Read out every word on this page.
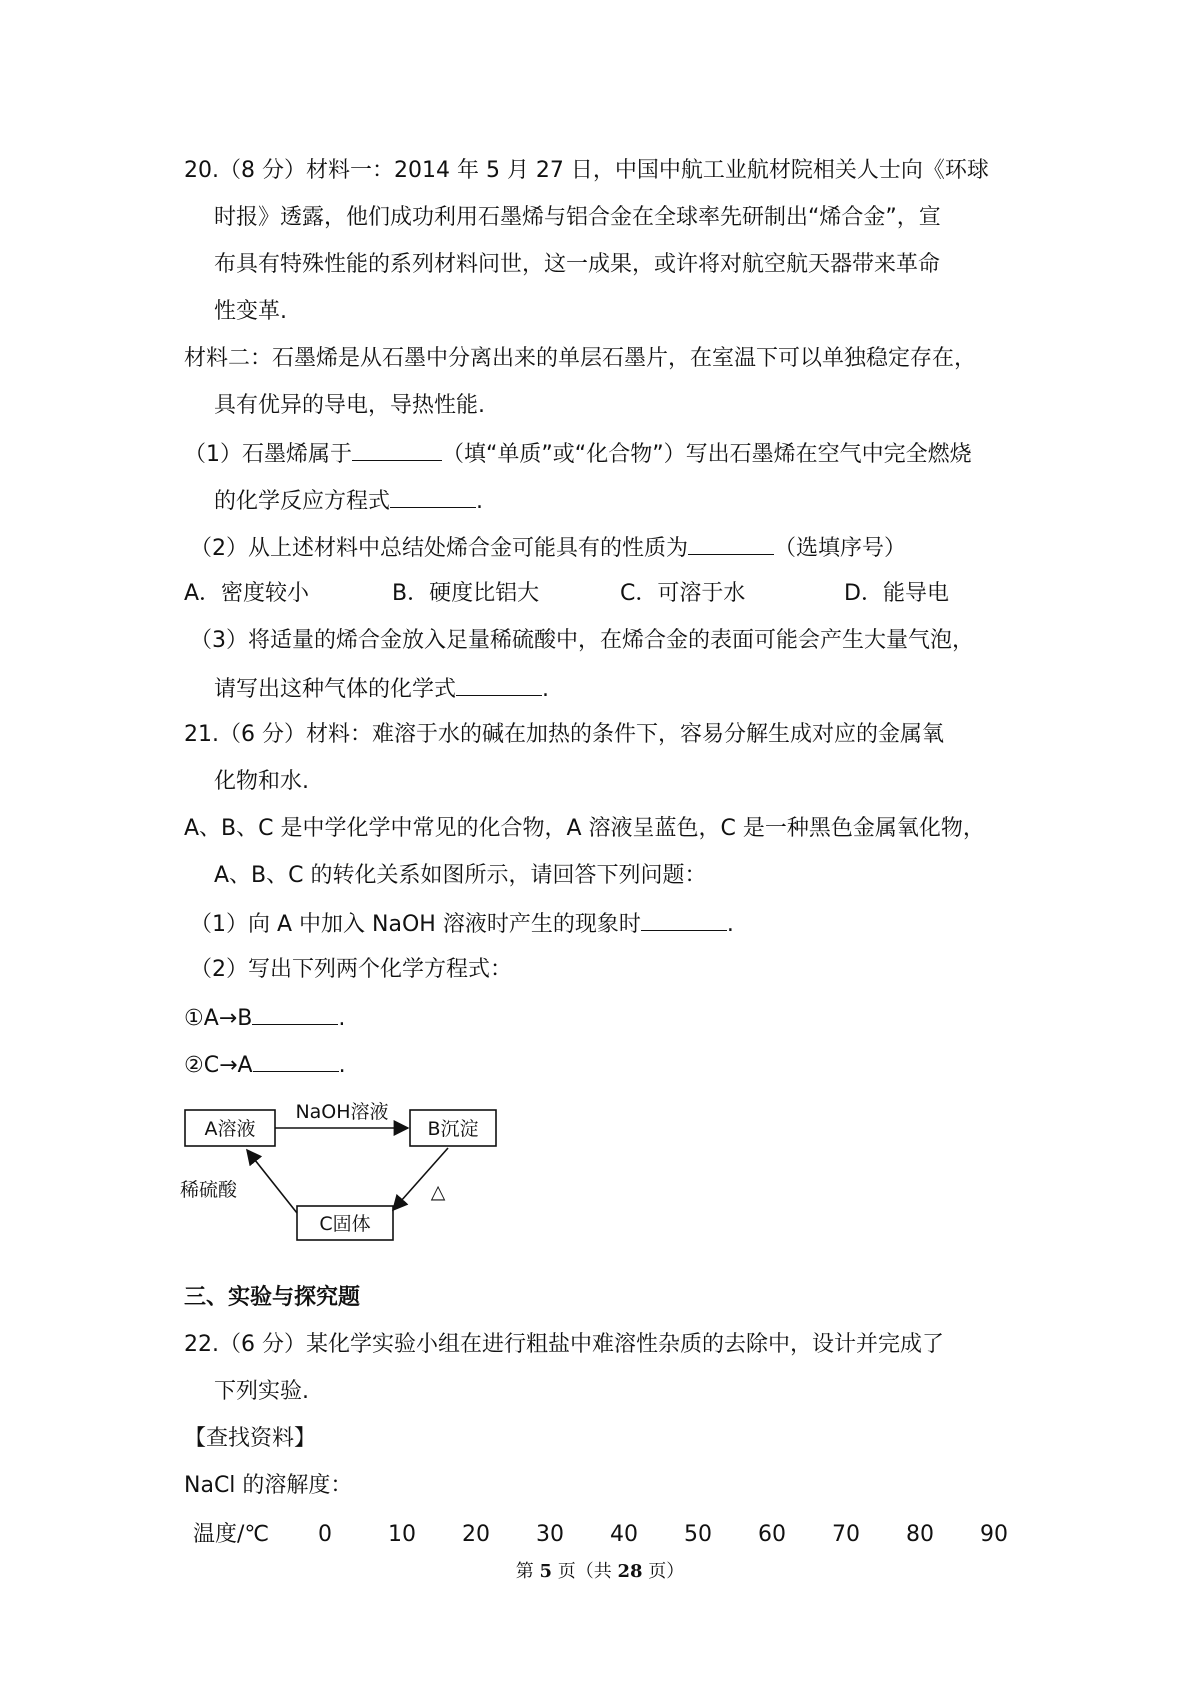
20.（8 分）材料一：2014 年 5 月 27 日，中国中航工业航材院相关人士向《环球
时报》透露，他们成功利用石墨烯与铝合金在全球率先研制出“烯合金”，宣
布具有特殊性能的系列材料问世，这一成果，或许将对航空航天器带来革命
性变革.
材料二：石墨烯是从石墨中分离出来的单层石墨片，在室温下可以单独稳定存在，
具有优异的导电，导热性能.
（1）石墨烯属于	（填“单质”或“化合物”）写出石墨烯在空气中完全燃烧
的化学反应方程式	.
（2）从上述材料中总结处烯合金可能具有的性质为	（选填序号）
A．密度较小	B．硬度比铝大	C．可溶于水	D．能导电
（3）将适量的烯合金放入足量稀硫酸中，在烯合金的表面可能会产生大量气泡，
请写出这种气体的化学式	.
21.（6 分）材料：难溶于水的碱在加热的条件下，容易分解生成对应的金属氧
化物和水.
A、B、C 是中学化学中常见的化合物，A 溶液呈蓝色，C 是一种黑色金属氧化物，
A、B、C 的转化关系如图所示，请回答下列问题：
（1）向 A 中加入 NaOH 溶液时产生的现象时	.
（2）写出下列两个化学方程式：
①A→B	.
②C→A	.
A溶液	B沉淀
C固体
NaOH溶液
△
稀硫酸
三、实验与探究题
22.（6 分）某化学实验小组在进行粗盐中难溶性杂质的去除中，设计并完成了
下列实验.
【查找资料】
NaCl 的溶解度：
温度/℃ 0	10 20 30 40 50 60 70 80 90
第 5 页（共 28 页）
